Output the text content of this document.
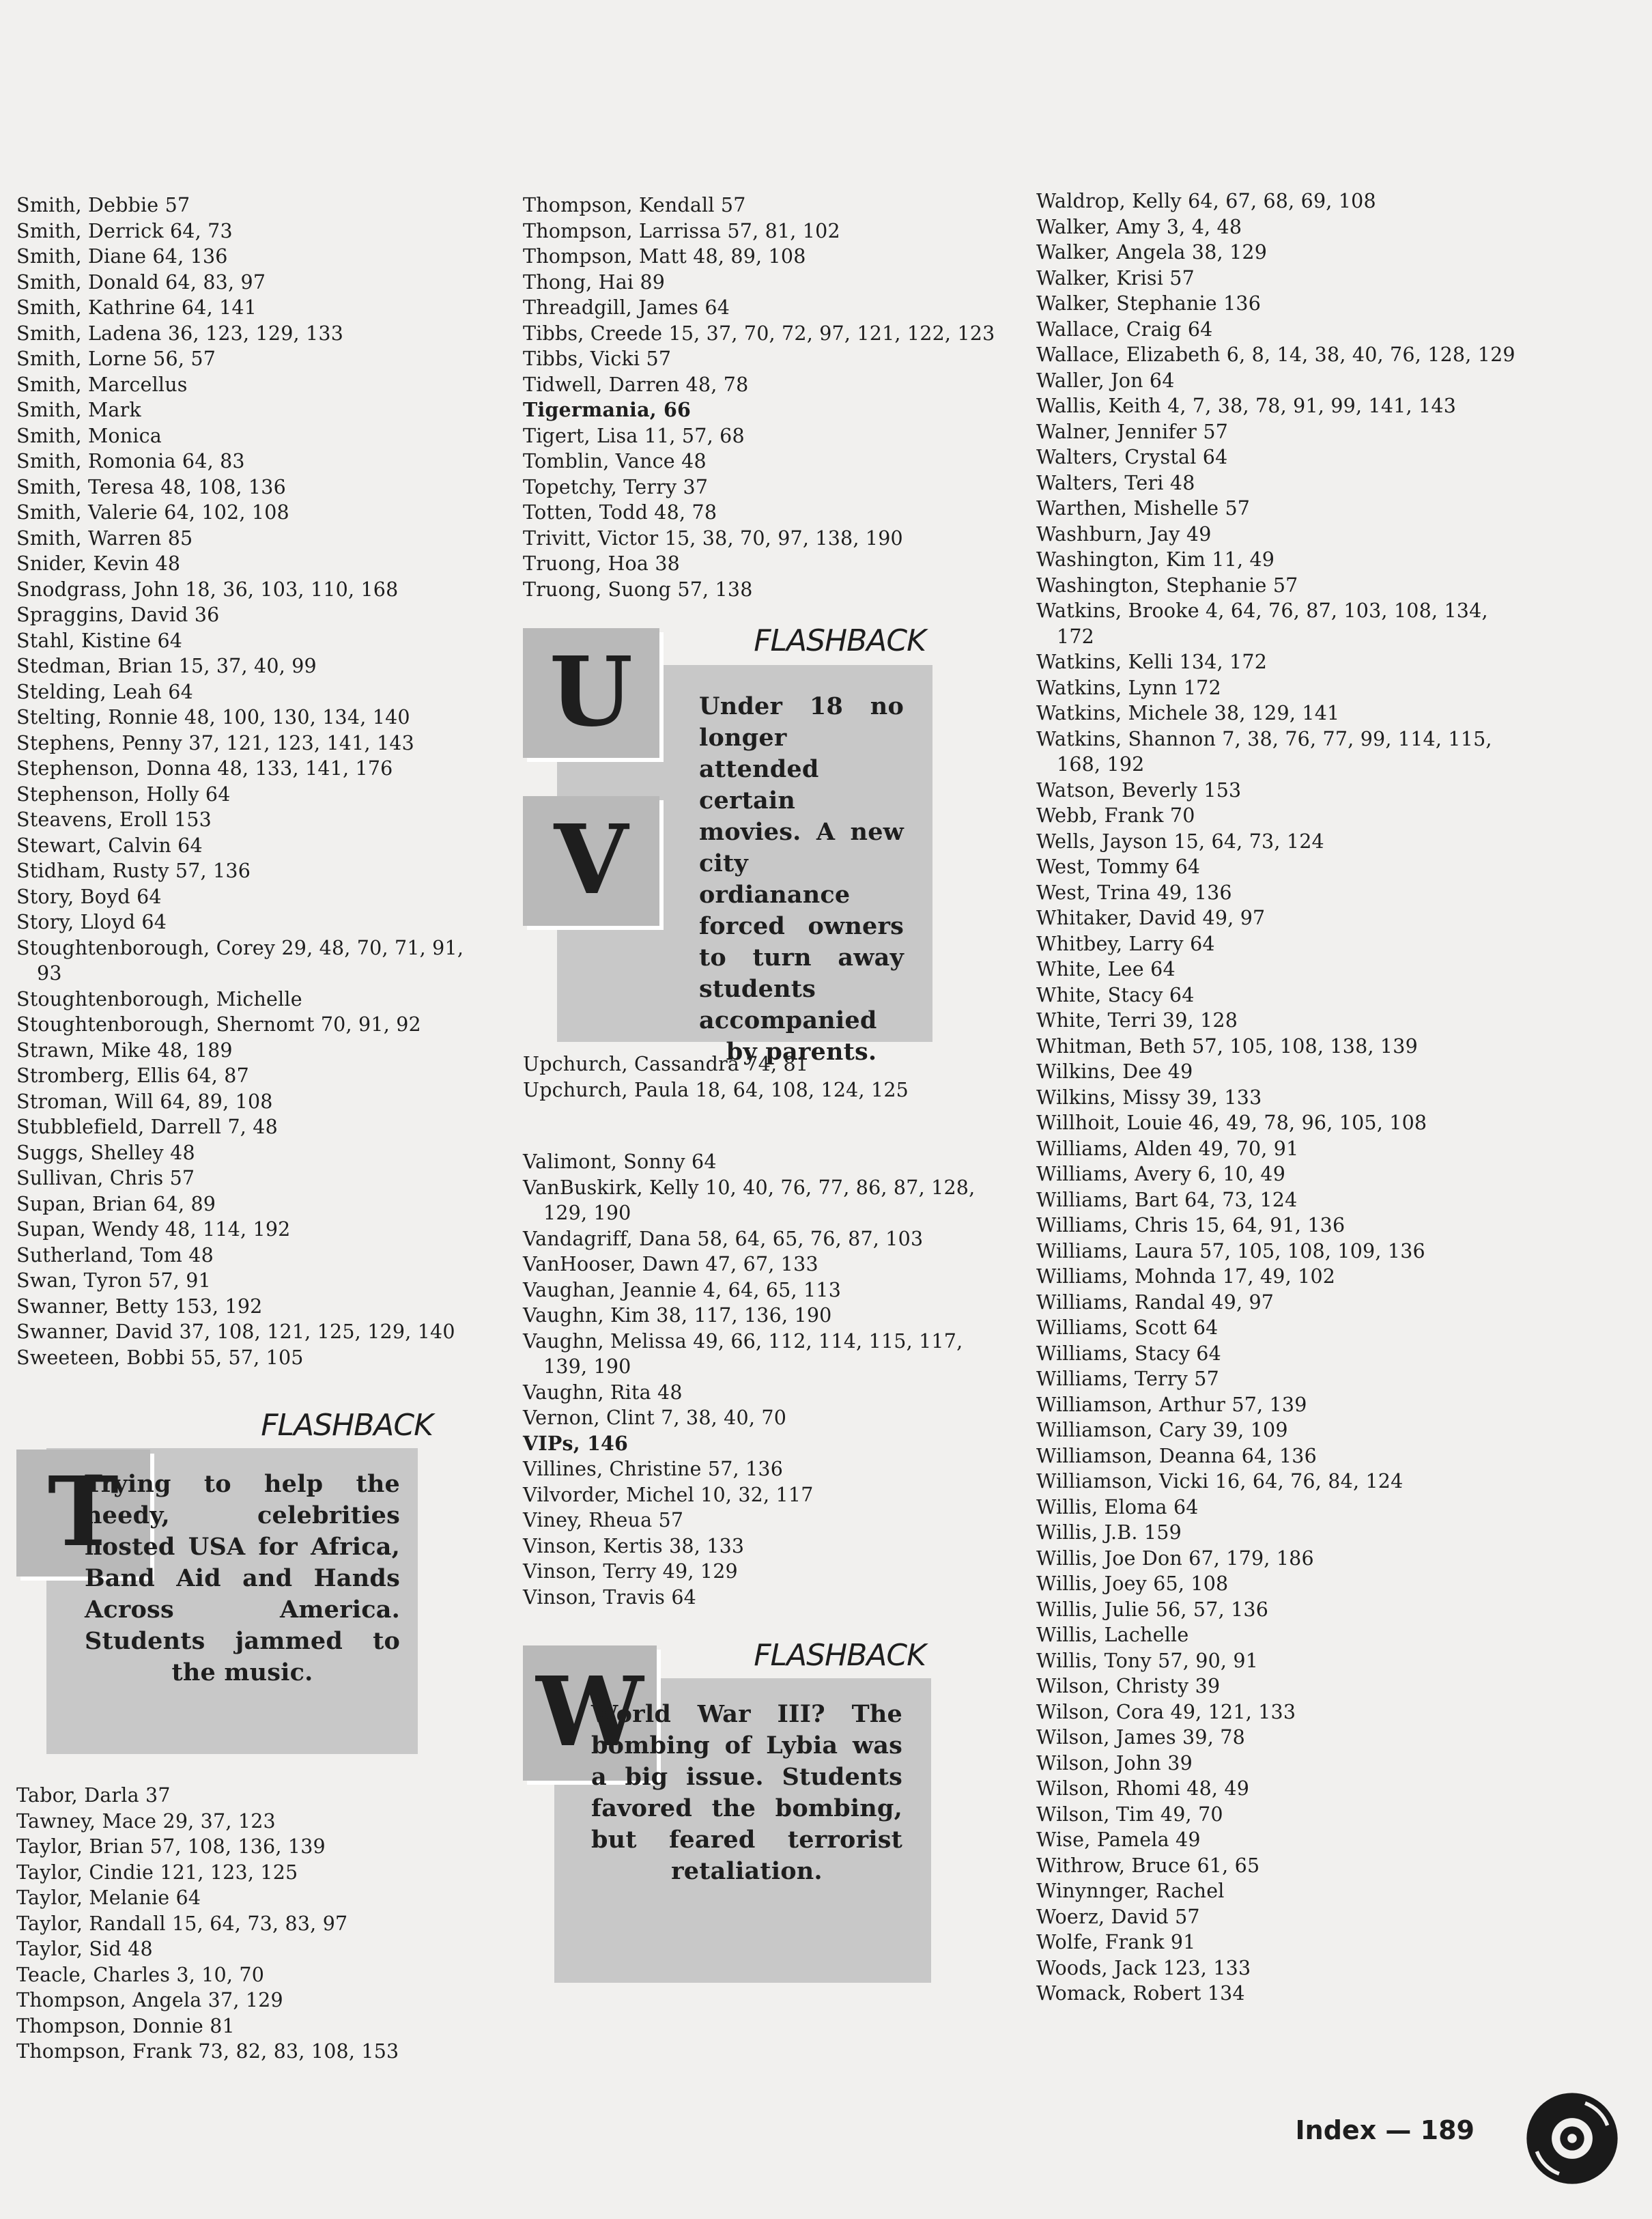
Smith, Debbie 57
Smith, Derrick 64, 73
Smith, Diane 64, 136
Smith, Donald 64, 83, 97
Smith, Kathrine 64, 141
Smith, Ladena 36, 123, 129, 133
Smith, Lorne 56, 57
Smith, Marcellus
Smith, Mark
Smith, Monica
Smith, Romonia 64, 83
Smith, Teresa 48, 108, 136
Smith, Valerie 64, 102, 108
Smith, Warren 85
Snider, Kevin 48
Snodgrass, John 18, 36, 103, 110, 168
Spraggins, David 36
Stahl, Kistine 64
Stedman, Brian 15, 37, 40, 99
Stelding, Leah 64
Stelting, Ronnie 48, 100, 130, 134, 140
Stephens, Penny 37, 121, 123, 141, 143
Stephenson, Donna 48, 133, 141, 176
Stephenson, Holly 64
Steavens, Eroll 153
Stewart, Calvin 64
Stidham, Rusty 57, 136
Story, Boyd 64
Story, Lloyd 64
Stoughtenborough, Corey 29, 48, 70, 71, 91, 93
Stoughtenborough, Michelle
Stoughtenborough, Shernomt 70, 91, 92
Strawn, Mike 48, 189
Stromberg, Ellis 64, 87
Stroman, Will 64, 89, 108
Stubblefield, Darrell 7, 48
Suggs, Shelley 48
Sullivan, Chris 57
Supan, Brian 64, 89
Supan, Wendy 48, 114, 192
Sutherland, Tom 48
Swan, Tyron 57, 91
Swanner, Betty 153, 192
Swanner, David 37, 108, 121, 125, 129, 140
Sweeteen, Bobbi 55, 57, 105
FLASHBACK
T
Trying to help the needy, celebrities hosted USA for Africa, Band Aid and Hands Across America. Students jammed to the music.
Tabor, Darla 37
Tawney, Mace 29, 37, 123
Taylor, Brian 57, 108, 136, 139
Taylor, Cindie 121, 123, 125
Taylor, Melanie 64
Taylor, Randall 15, 64, 73, 83, 97
Taylor, Sid 48
Teacle, Charles 3, 10, 70
Thompson, Angela 37, 129
Thompson, Donnie 81
Thompson, Frank 73, 82, 83, 108, 153
Thompson, Kendall 57
Thompson, Larrissa 57, 81, 102
Thompson, Matt 48, 89, 108
Thong, Hai 89
Threadgill, James 64
Tibbs, Creede 15, 37, 70, 72, 97, 121, 122, 123
Tibbs, Vicki 57
Tidwell, Darren 48, 78
Tigermania, 66
Tigert, Lisa 11, 57, 68
Tomblin, Vance 48
Topetchy, Terry 37
Totten, Todd 48, 78
Trivitt, Victor 15, 38, 70, 97, 138, 190
Truong, Hoa 38
Truong, Suong 57, 138
FLASHBACK
U
V
Under 18 no longer attended certain movies. A new city ordianance forced owners to turn away students accompanied by parents.
Upchurch, Cassandra 74, 81
Upchurch, Paula 18, 64, 108, 124, 125
Valimont, Sonny 64
VanBuskirk, Kelly 10, 40, 76, 77, 86, 87, 128, 129, 190
Vandagriff, Dana 58, 64, 65, 76, 87, 103
VanHooser, Dawn 47, 67, 133
Vaughan, Jeannie 4, 64, 65, 113
Vaughn, Kim 38, 117, 136, 190
Vaughn, Melissa 49, 66, 112, 114, 115, 117, 139, 190
Vaughn, Rita 48
Vernon, Clint 7, 38, 40, 70
VIPs, 146
Villines, Christine 57, 136
Vilvorder, Michel 10, 32, 117
Viney, Rheua 57
Vinson, Kertis 38, 133
Vinson, Terry 49, 129
Vinson, Travis 64
FLASHBACK
W
World War III? The bombing of Lybia was a big issue. Students favored the bombing, but feared terrorist retaliation.
Waldrop, Kelly 64, 67, 68, 69, 108
Walker, Amy 3, 4, 48
Walker, Angela 38, 129
Walker, Krisi 57
Walker, Stephanie 136
Wallace, Craig 64
Wallace, Elizabeth 6, 8, 14, 38, 40, 76, 128, 129
Waller, Jon 64
Wallis, Keith 4, 7, 38, 78, 91, 99, 141, 143
Walner, Jennifer 57
Walters, Crystal 64
Walters, Teri 48
Warthen, Mishelle 57
Washburn, Jay 49
Washington, Kim 11, 49
Washington, Stephanie 57
Watkins, Brooke 4, 64, 76, 87, 103, 108, 134, 172
Watkins, Kelli 134, 172
Watkins, Lynn 172
Watkins, Michele 38, 129, 141
Watkins, Shannon 7, 38, 76, 77, 99, 114, 115, 168, 192
Watson, Beverly 153
Webb, Frank 70
Wells, Jayson 15, 64, 73, 124
West, Tommy 64
West, Trina 49, 136
Whitaker, David 49, 97
Whitbey, Larry 64
White, Lee 64
White, Stacy 64
White, Terri 39, 128
Whitman, Beth 57, 105, 108, 138, 139
Wilkins, Dee 49
Wilkins, Missy 39, 133
Willhoit, Louie 46, 49, 78, 96, 105, 108
Williams, Alden 49, 70, 91
Williams, Avery 6, 10, 49
Williams, Bart 64, 73, 124
Williams, Chris 15, 64, 91, 136
Williams, Laura 57, 105, 108, 109, 136
Williams, Mohnda 17, 49, 102
Williams, Randal 49, 97
Williams, Scott 64
Williams, Stacy 64
Williams, Terry 57
Williamson, Arthur 57, 139
Williamson, Cary 39, 109
Williamson, Deanna 64, 136
Williamson, Vicki 16, 64, 76, 84, 124
Willis, Eloma 64
Willis, J.B. 159
Willis, Joe Don 67, 179, 186
Willis, Joey 65, 108
Willis, Julie 56, 57, 136
Willis, Lachelle
Willis, Tony 57, 90, 91
Wilson, Christy 39
Wilson, Cora 49, 121, 133
Wilson, James 39, 78
Wilson, John 39
Wilson, Rhomi 48, 49
Wilson, Tim 49, 70
Wise, Pamela 49
Withrow, Bruce 61, 65
Winynnger, Rachel
Woerz, David 57
Wolfe, Frank 91
Woods, Jack 123, 133
Womack, Robert 134
Index — 189
